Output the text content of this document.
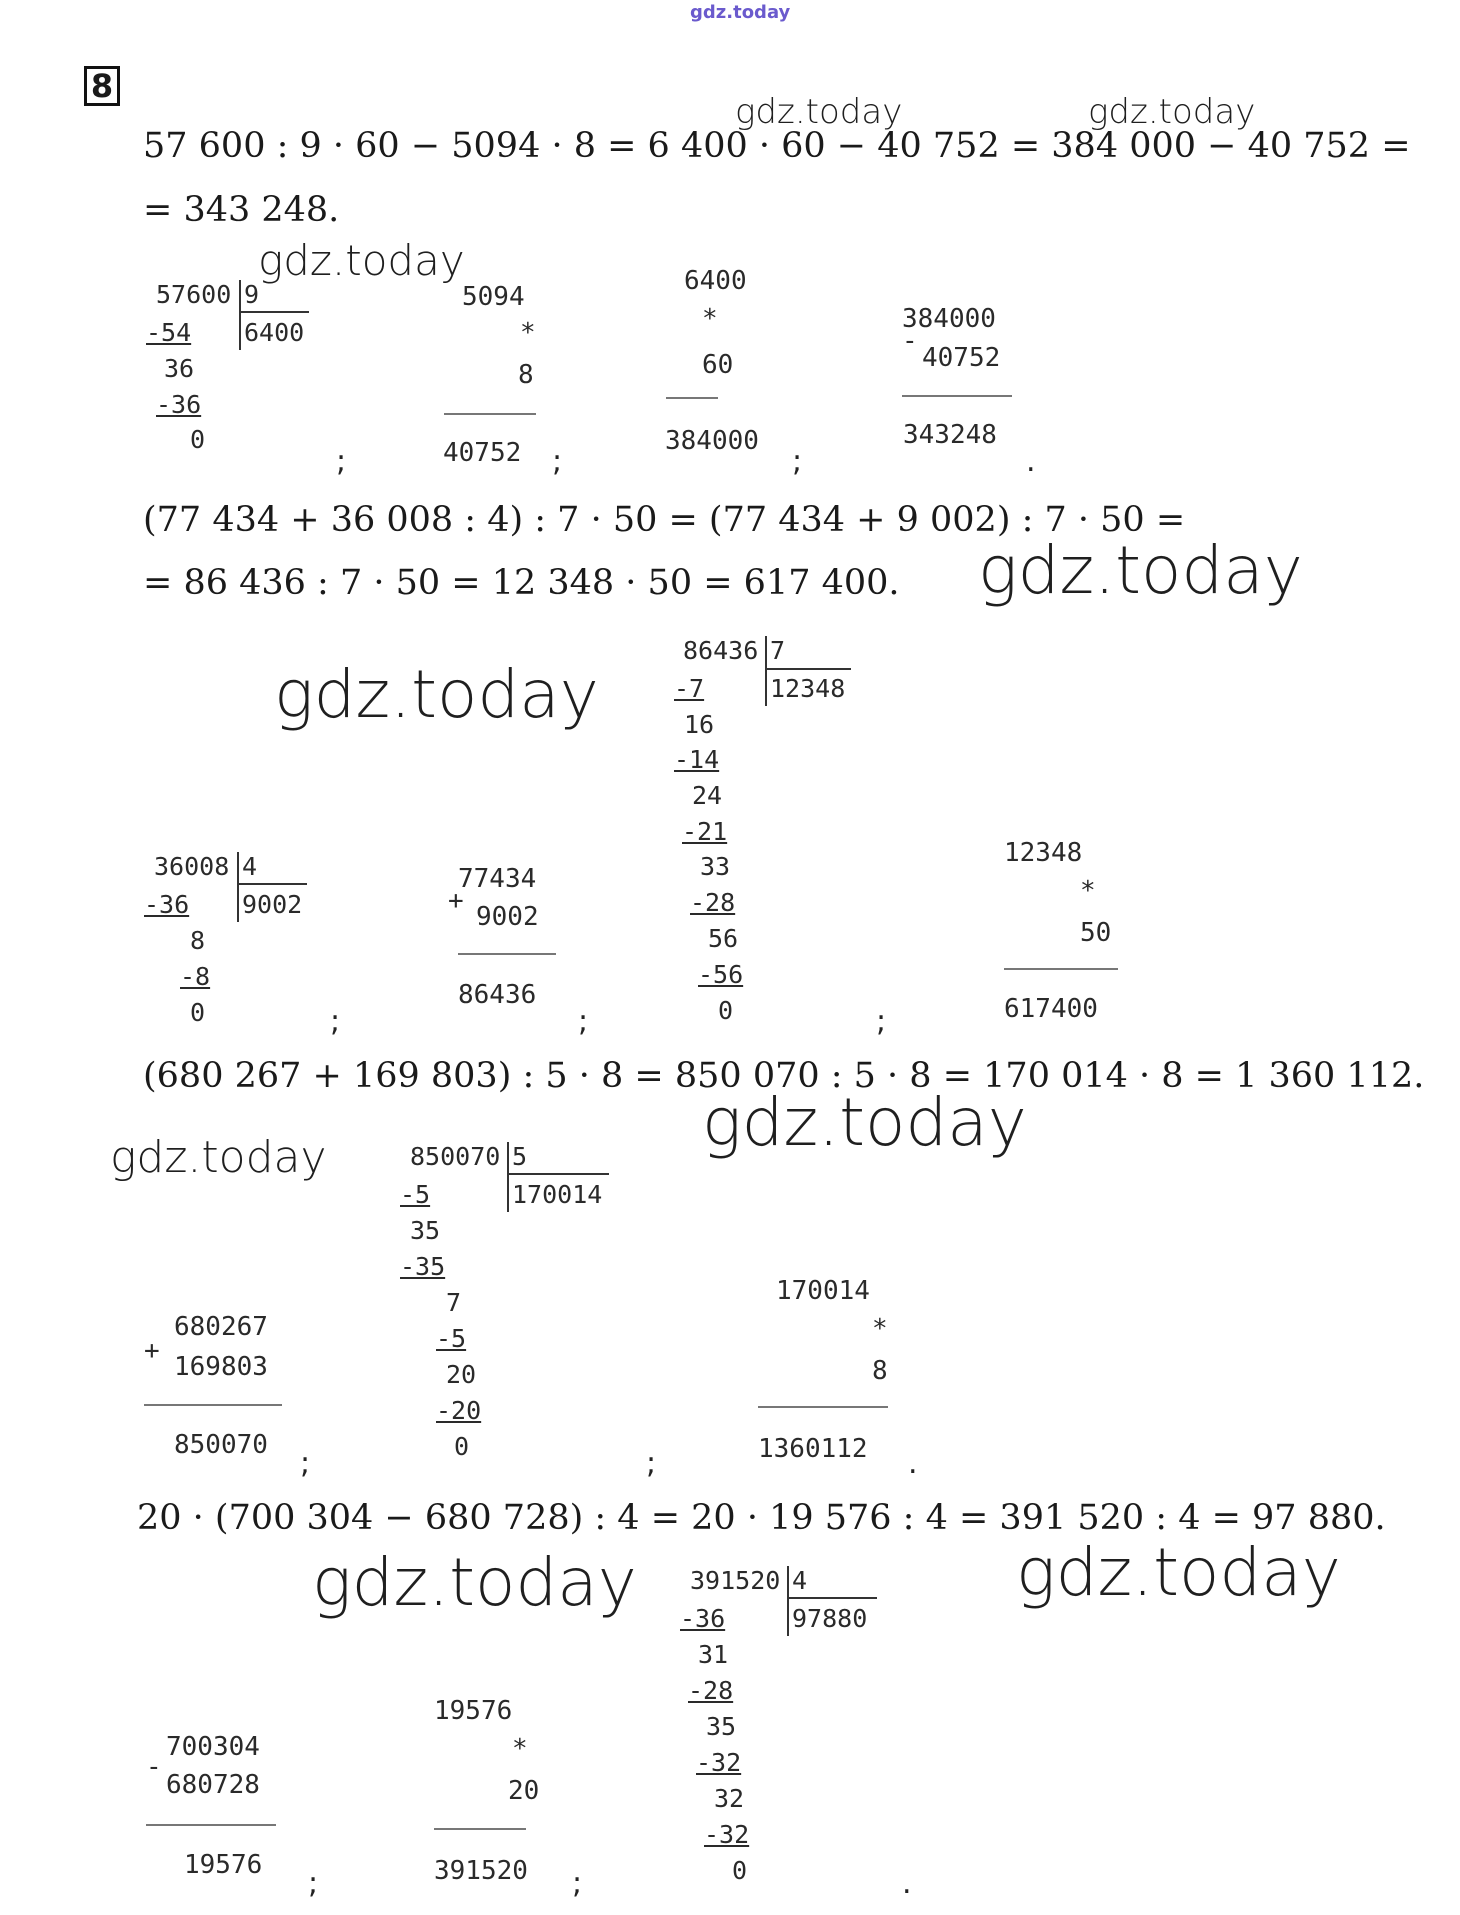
gdz.today
8
gdz.today	gdz.today
57 600 : 9 · 60 − 5094 · 8 = 6 400 · 60 − 40 752 = 384 000 − 40 752 =
= 343 248.
gdz.today
57600 9
6400
-54
36
-36
0
;
5094
*
8
40752 ;
6400
*
60
384000
;
384000
-
40752
343248
.
(77 434 + 36 008 : 4) : 7 · 50 = (77 434 + 9 002) : 7 · 50 =
= 86 436 : 7 · 50 = 12 348 · 50 = 617 400. gdz.today
gdz.today
86436 7
12348
-7
16
-14
24
-21
33
-28
56
-56
0
36008 4
9002
-36
8
-8
0	;
77434
+
9002
86436
;	;
12348
*
50
617400
(680 267 + 169 803) : 5 · 8 = 850 070 : 5 · 8 = 170 014 · 8 = 1 360 112.
gdz.today
gdz.today	850070 5
170014
-5
35
-35
7
-5
20
-20
0
680267
+
169803
850070
;	;
170014
*
8
1360112 .
20 · (700 304 − 680 728) : 4 = 20 · 19 576 : 4 = 391 520 : 4 = 97 880.
gdz.today	gdz.today
391520 4
97880
-36
31
-28
35
-32
32
-32
0
700304
-
680728
19576
;
19576
*
20
391520 ;	.
